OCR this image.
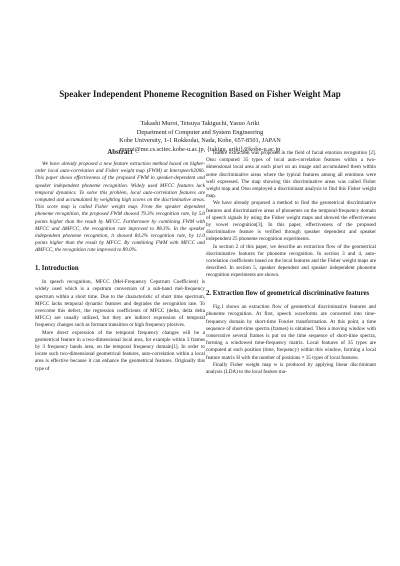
Speaker Independent Phoneme Recognition Based on Fisher Weight Map
Takashi Muroi, Tetsuya Takiguchi, Yasuo Ariki
Department of Computer and System Engineering
Kobe University, 1-1 Rokkodai, Nada, Kobe, 657-8501, JAPAN
muroi@me.cs.scitec.kobe-u.ac.jp, {takigu, ariki}@kobe-u.ac.jp
Abstract

We have already proposed a new feature extraction method based on higher-order local auto-correlation and Fisher weight map (FWM) at Interspeech2006. This paper shows effectiveness of the proposed FWM in speaker-dependent and speaker independent phoneme recognition. Widely used MFCC features lack temporal dynamics. To solve this problem, local auto-correlation features are computed and accumulated by weighting high scores on the discriminative areas. This score map is called Fisher weight map. From the speaker dependent phoneme recognition, the proposed FWM showed 79.3% recognition rate, by 5.0 points higher than the result by MFCC. Furthermore by combining FWM with MFCC and ΔMFCC, the recognition rate improved to 88.3%. In the speaker independent phoneme recognition, it showed 84.2% recognition rate, by 11.0 points higher than the result by MFCC. By combining FWM with MFCC and ΔMFCC, the recognition rate improved to 89.0%.

1. Introduction

In speech recognition, MFCC (Mel-Frequency Cepstrum Coefficient) is widely used which is a cepstrum conversion of a sub-band mel-frequency spectrum within a short time. Due to the characteristic of short time spectrum, MFCC lacks temporal dynamic features and degrades the recognition rate. To overcome this defect, the regression coefficients of MFCC (delta, delta delta MFCC) are usually utilized, but they are indirect expression of temporal frequency changes such as formant transition or high frequency plosives.

More direct expression of the temporal frequency changes will be a geometrical feature in a two-dimensional local area, for example within 3 frames by 3 frequency bands area, on the temporal frequency domain[1]. In order to locate such two-dimensional geometrical features, auto-correlation within a local area is effective because it can enhance the geometrical features. Originally this type of

feature extraction was proposed in the field of facial emotion recognition [2]. Otsu computed 35 types of local auto-correlation features within a two-dimensional local area at each pixel on an image and accumulated them within some discriminative areas where the typical features among all emotions were well expressed. The map showing this discriminative areas was called Fisher weight map and Otsu employed a discriminant analysis to find this Fisher weight map.

We have already proposed a method to find the geometrical discriminative features and discriminative areas of phonemes on the temporal-frequency domain of speech signals by using the Fisher weight maps and showed the effectiveness by vowel recognition[3]. In this paper, effectiveness of the proposed discriminative feature is verified through speaker dependent and speaker independent 25 phoneme recognition experiments.

In section 2 of this paper, we describe an extraction flow of the geometrical discriminative features for phoneme recognition. In section 3 and 4, auto-correlation coefficients based on the local features and the Fisher weight maps are described. In section 5, speaker dependent and speaker independent phoneme recognition experiments are shown.

2. Extraction flow of geometrical discriminative features

Fig.1 shows an extraction flow of geometrical discriminative features and phoneme recognition. At first, speech waveforms are converted into time-frequency domain by short-time Fourier transformation. At this point, a time sequence of short-time spectra (frames) is obtained. Then a moving window with consecutive several frames is put on the time sequence of short-time spectra, forming a windowed time-frequency matrix. Local features of 35 types are computed at each position (time, frequency) within this window, forming a local feature matrix H with the number of positions × 35 types of local features.

Finally Fisher weight map w is produced by applying linear discriminant analysis (LDA) to the local feature ma-
